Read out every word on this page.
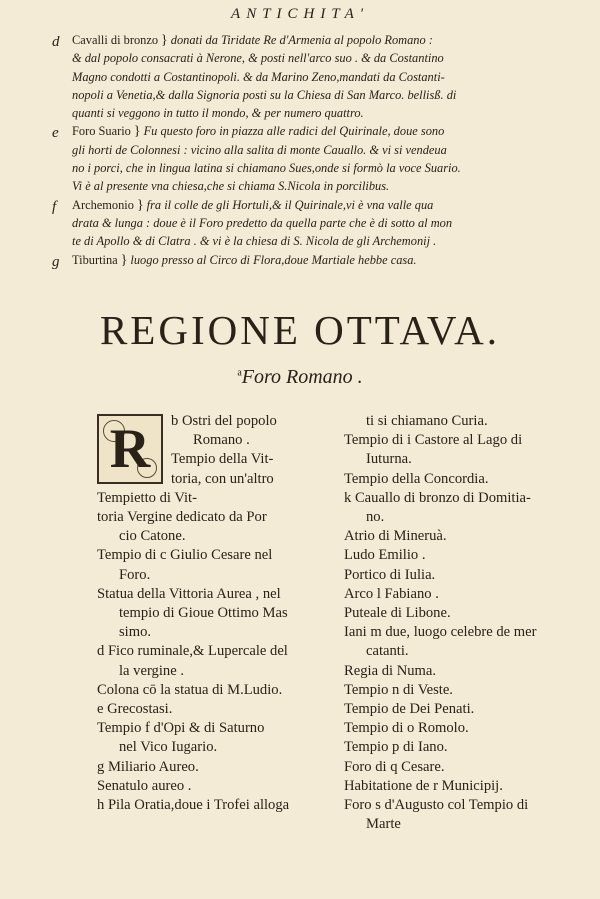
ANTICHITA'
d Cavalli di bronzo } donati da Tiridate Re d'Armenia al popolo Romano :
& dal popolo consacrati à Nerone, & posti nell'arco suo . & da Costantino
Magno condotti a Costantinopoli. & da Marino Zeno,mandati da Costanti-
nopoli a Venetia,& dalla Signoria posti su la Chiesa di San Marco. bellisß. di
quanti si veggono in tutto il mondo, & per numero quattro.
e Foro Suario } Fu questo foro in piazza alle radici del Quirinale, doue sono
gli horti de Colonnesi : vicino alla salita di monte Cauallo. & vi si vendeua
no i porci, che in lingua latina si chiamano Sues,onde si formò la voce Suario.
Vi è al presente vna chiesa,che si chiama S.Nicola in porcilibus.
f Archemonio } fra il colle de gli Hortuli,& il Quirinale,vi è vna valle qua
drata & lunga : doue è il Foro predetto da quella parte che è di sotto al mon
te di Apollo & di Clatra . & vi è la chiesa di S. Nicola de gli Archemonij .
g Tiburtina } luogo presso al Circo di Flora,doue Martiale hebbe casa.
REGIONE OTTAVA.
$^a$Foro Romano .
R	b Ostri del popolo
Romano .
Tempio della Vit-
toria, con un'altro
Tempietto di Vit-
toria Vergine dedicato da Por
cio Catone.
Tempio di c Giulio Cesare nel
Foro.
Statua della Vittoria Aurea , nel
tempio di Gioue Ottimo Mas
simo.
d Fico ruminale,& Lupercale del
la vergine .
Colona cō la statua di M.Ludio.
e Grecostasi.
Tempio f d'Opi & di Saturno
nel Vico Iugario.
g Miliario Aureo.
Senatulo aureo .
h Pila Oratia,doue i Trofei alloga
ti si chiamano Curia.
Tempio di i Castore al Lago di
Iuturna.
Tempio della Concordia.
k Cauallo di bronzo di Domitia-
no.
Atrio di Mineruà.
Ludo Emilio .
Portico di Iulia.
Arco l Fabiano .
Puteale di Libone.
Iani m due, luogo celebre de mer
catanti.
Regia di Numa.
Tempio n di Veste.
Tempio de Dei Penati.
Tempio di o Romolo.
Tempio p di Iano.
Foro di q Cesare.
Habitatione de r Municipij.
Foro s d'Augusto col Tempio di
Marte
